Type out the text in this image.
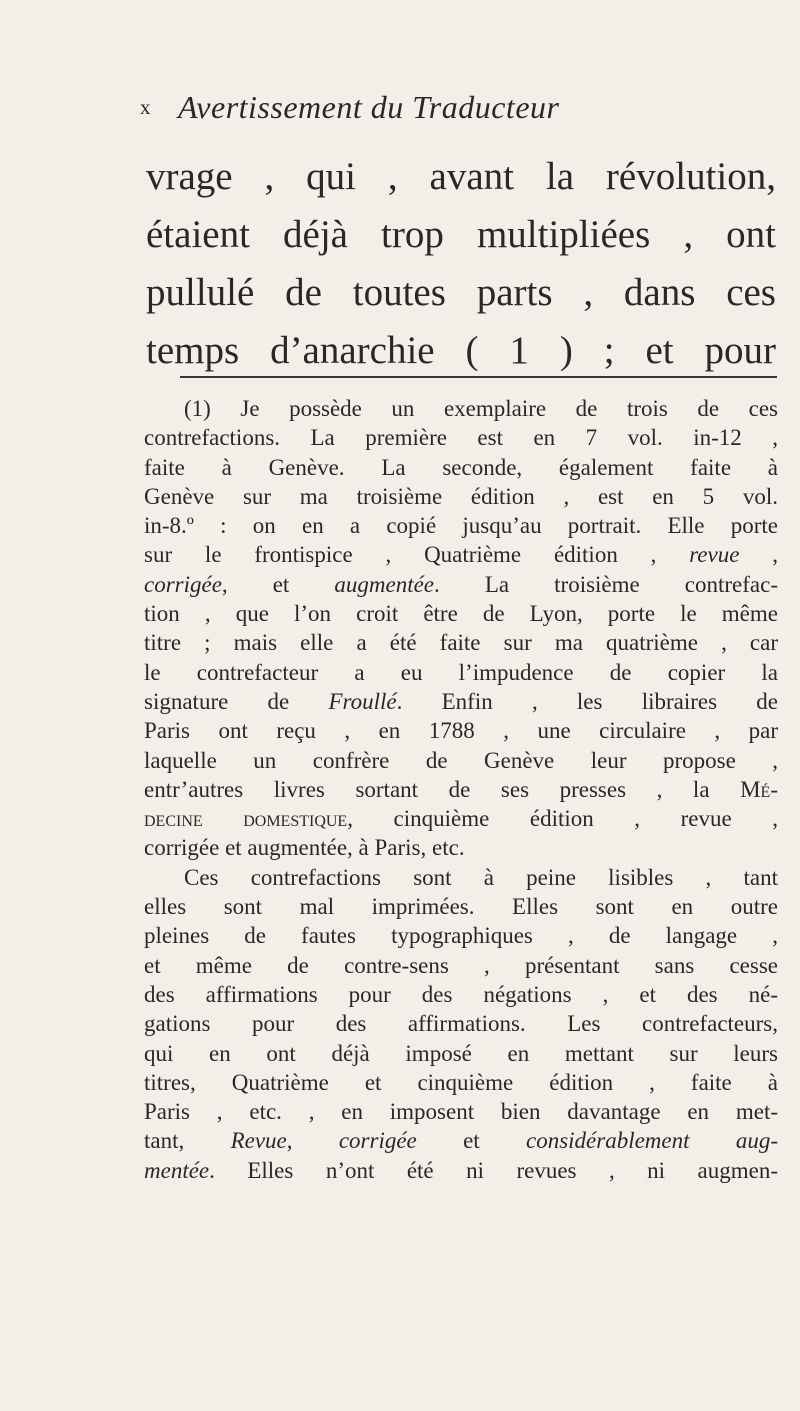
x Avertissement du Traducteur
vrage , qui , avant la révolution,
étaient déjà trop multipliées , ont
pullulé de toutes parts , dans ces
temps d’anarchie ( 1 ) ; et pour
(1) Je possède un exemplaire de trois de ces
contrefactions. La première est en 7 vol. in-12 ,
faite à Genève. La seconde, également faite à
Genève sur ma troisième édition , est en 5 vol.
in-8.º : on en a copié jusqu’au portrait. Elle porte
sur le frontispice , Quatrième édition , revue ,
corrigée, et augmentée. La troisième contrefac-
tion , que l’on croit être de Lyon, porte le même
titre ; mais elle a été faite sur ma quatrième , car
le contrefacteur a eu l’impudence de copier la
signature de Froullé. Enfin , les libraires de
Paris ont reçu , en 1788 , une circulaire , par
laquelle un confrère de Genève leur propose ,
entr’autres livres sortant de ses presses , la Mé-
decine domestique, cinquième édition , revue ,
corrigée et augmentée, à Paris, etc.
Ces contrefactions sont à peine lisibles , tant
elles sont mal imprimées. Elles sont en outre
pleines de fautes typographiques , de langage ,
et même de contre-sens , présentant sans cesse
des affirmations pour des négations , et des né-
gations pour des affirmations. Les contrefacteurs,
qui en ont déjà imposé en mettant sur leurs
titres, Quatrième et cinquième édition , faite à
Paris , etc. , en imposent bien davantage en met-
tant, Revue, corrigée et considérablement aug-
mentée. Elles n’ont été ni revues , ni augmen-
